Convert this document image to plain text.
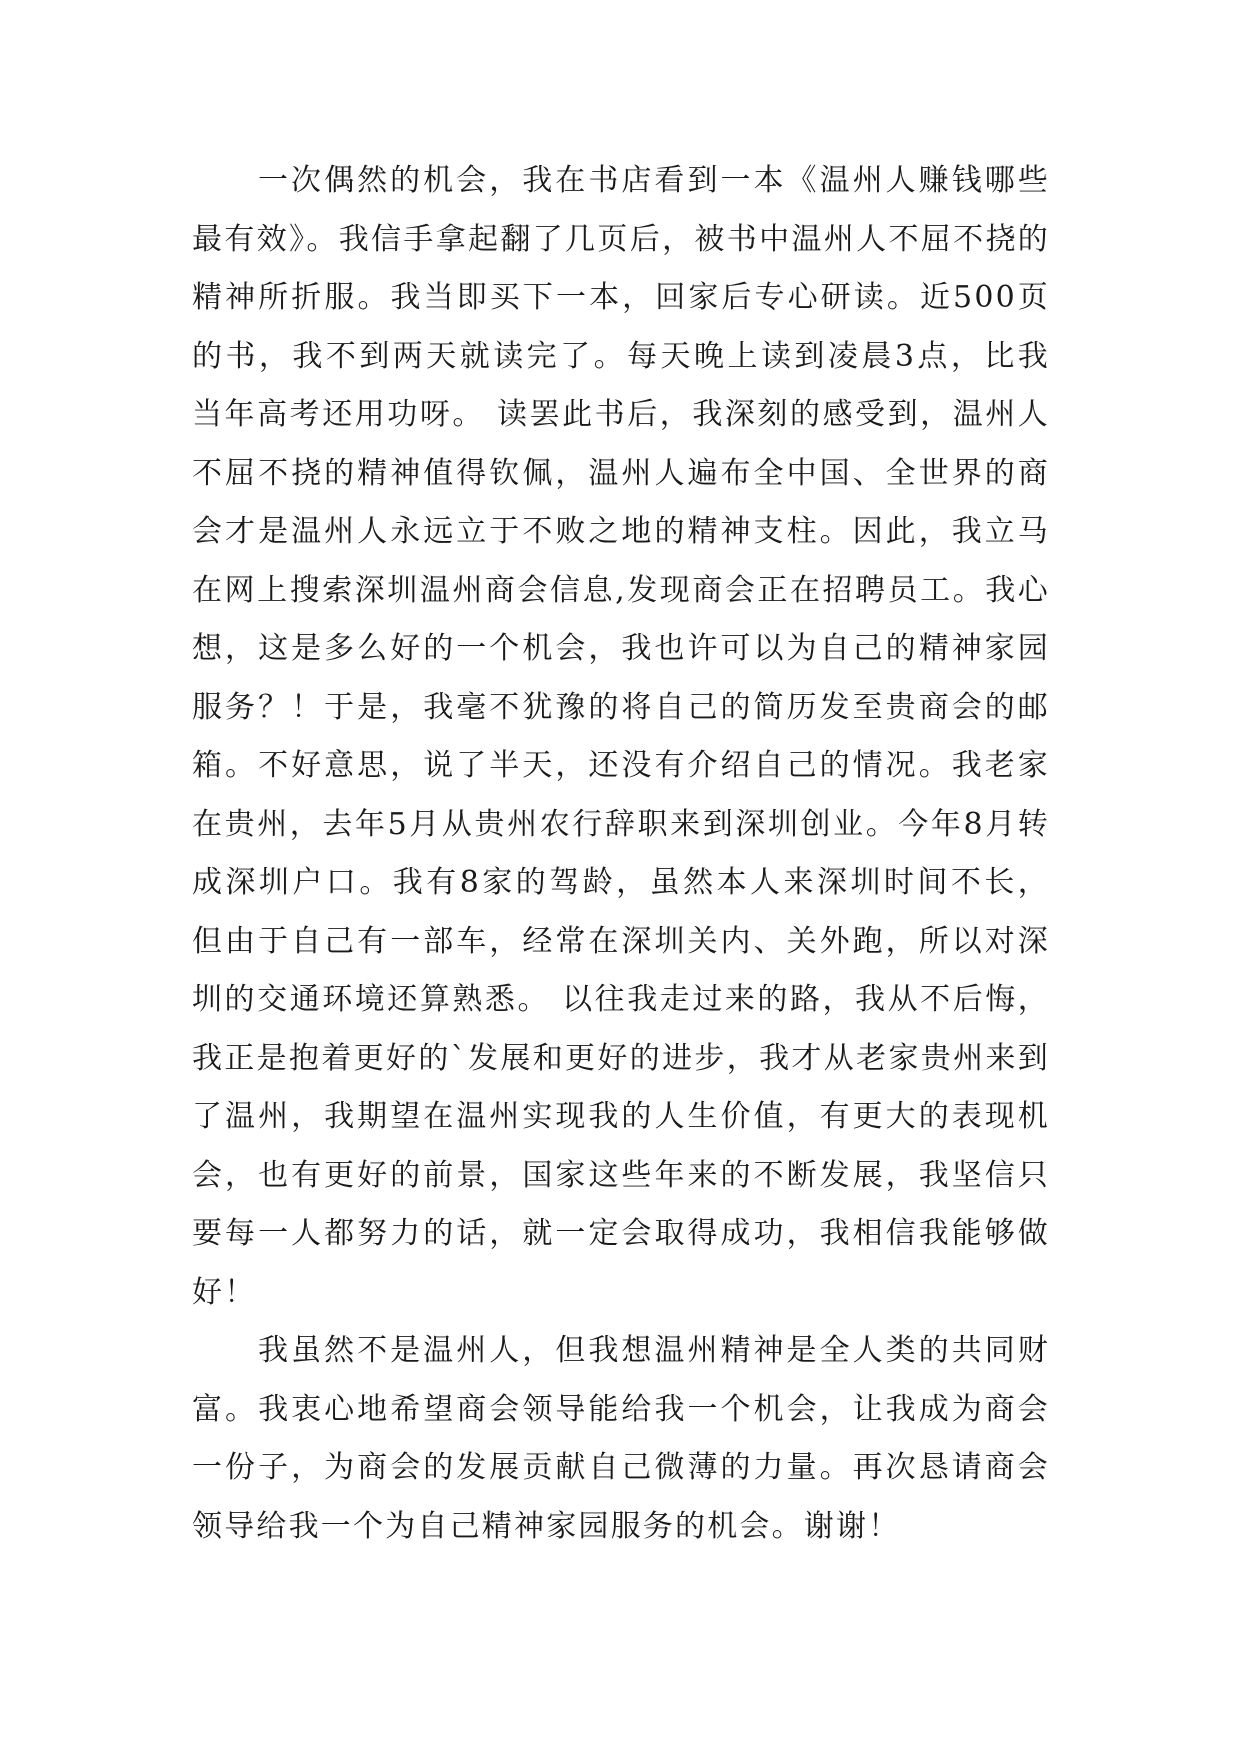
一次偶然的机会，我在书店看到一本《温州人赚钱哪些最有效》。我信手拿起翻了几页后，被书中温州人不屈不挠的精神所折服。我当即买下一本，回家后专心研读。近500页的书，我不到两天就读完了。每天晚上读到凌晨3点，比我当年高考还用功呀。 读罢此书后，我深刻的感受到，温州人不屈不挠的精神值得钦佩，温州人遍布全中国、全世界的商会才是温州人永远立于不败之地的精神支柱。因此，我立马在网上搜索深圳温州商会信息,发现商会正在招聘员工。我心想，这是多么好的一个机会，我也许可以为自己的精神家园服务？！于是，我毫不犹豫的将自己的简历发至贵商会的邮箱。不好意思，说了半天，还没有介绍自己的情况。我老家在贵州，去年5月从贵州农行辞职来到深圳创业。今年8月转成深圳户口。我有8家的驾龄，虽然本人来深圳时间不长，但由于自己有一部车，经常在深圳关内、关外跑，所以对深圳的交通环境还算熟悉。 以往我走过来的路，我从不后悔，我正是抱着更好的`发展和更好的进步，我才从老家贵州来到了温州，我期望在温州实现我的人生价值，有更大的表现机会，也有更好的前景，国家这些年来的不断发展，我坚信只要每一人都努力的话，就一定会取得成功，我相信我能够做好！

我虽然不是温州人，但我想温州精神是全人类的共同财富。我衷心地希望商会领导能给我一个机会，让我成为商会一份子，为商会的发展贡献自己微薄的力量。再次恳请商会领导给我一个为自己精神家园服务的机会。谢谢！
